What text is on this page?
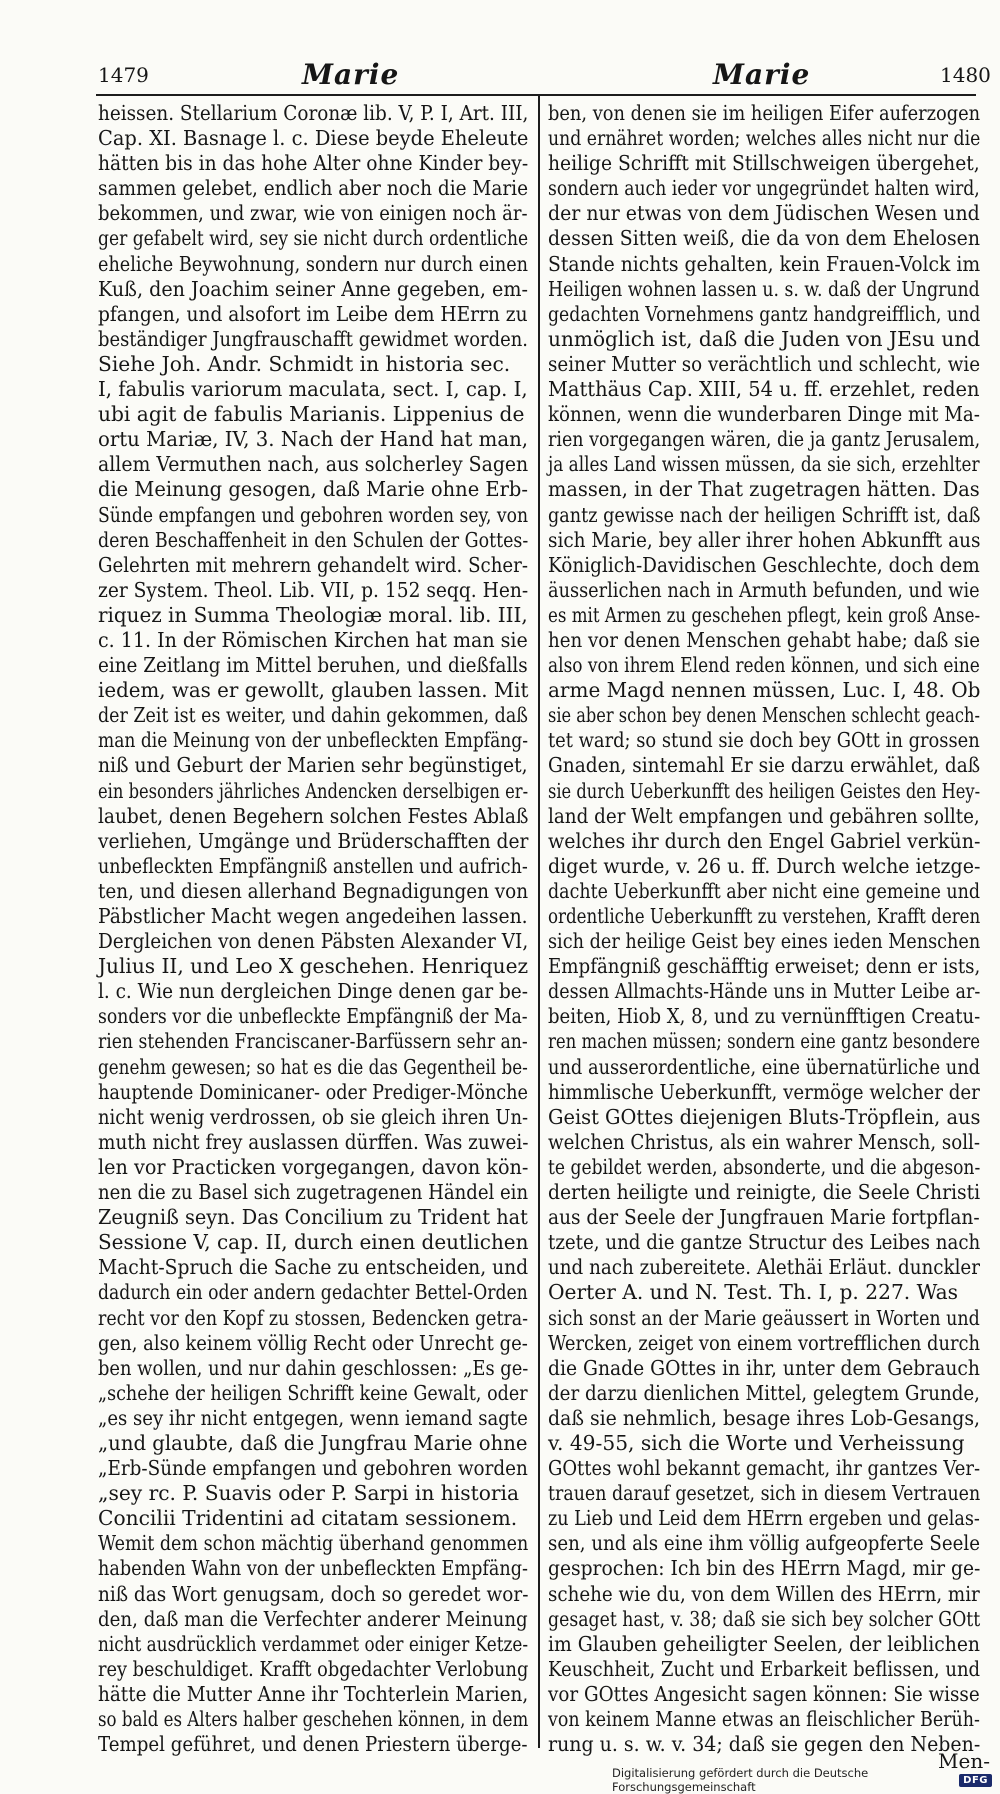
1479	Marie	Marie	1480
heissen. Stellarium Coronæ lib. V, P. I, Art. III,
Cap. XI. Basnage l. c. Diese beyde Eheleute
hätten bis in das hohe Alter ohne Kinder bey-
sammen gelebet, endlich aber noch die Marie
bekommen, und zwar, wie von einigen noch är-
ger gefabelt wird, sey sie nicht durch ordentliche
eheliche Beywohnung, sondern nur durch einen
Kuß, den Joachim seiner Anne gegeben, em-
pfangen, und alsofort im Leibe dem HErrn zu
beständiger Jungfrauschafft gewidmet worden.
Siehe Joh. Andr. Schmidt in historia sec.
I, fabulis variorum maculata, sect. I, cap. I,
ubi agit de fabulis Marianis. Lippenius de
ortu Mariæ, IV, 3. Nach der Hand hat man,
allem Vermuthen nach, aus solcherley Sagen
die Meinung gesogen, daß Marie ohne Erb-
Sünde empfangen und gebohren worden sey, von
deren Beschaffenheit in den Schulen der Gottes-
Gelehrten mit mehrern gehandelt wird. Scher-
zer System. Theol. Lib. VII, p. 152 seqq. Hen-
riquez in Summa Theologiæ moral. lib. III,
c. 11. In der Römischen Kirchen hat man sie
eine Zeitlang im Mittel beruhen, und dießfalls
iedem, was er gewollt, glauben lassen. Mit
der Zeit ist es weiter, und dahin gekommen, daß
man die Meinung von der unbefleckten Empfäng-
niß und Geburt der Marien sehr begünstiget,
ein besonders jährliches Andencken derselbigen er-
laubet, denen Begehern solchen Festes Ablaß
verliehen, Umgänge und Brüderschafften der
unbefleckten Empfängniß anstellen und aufrich-
ten, und diesen allerhand Begnadigungen von
Päbstlicher Macht wegen angedeihen lassen.
Dergleichen von denen Päbsten Alexander VI,
Julius II, und Leo X geschehen. Henriquez
l. c. Wie nun dergleichen Dinge denen gar be-
sonders vor die unbefleckte Empfängniß der Ma-
rien stehenden Franciscaner-Barfüssern sehr an-
genehm gewesen; so hat es die das Gegentheil be-
hauptende Dominicaner- oder Prediger-Mönche
nicht wenig verdrossen, ob sie gleich ihren Un-
muth nicht frey auslassen dürffen. Was zuwei-
len vor Practicken vorgegangen, davon kön-
nen die zu Basel sich zugetragenen Händel ein
Zeugniß seyn. Das Concilium zu Trident hat
Sessione V, cap. II, durch einen deutlichen
Macht-Spruch die Sache zu entscheiden, und
dadurch ein oder andern gedachter Bettel-Orden
recht vor den Kopf zu stossen, Bedencken getra-
gen, also keinem völlig Recht oder Unrecht ge-
ben wollen, und nur dahin geschlossen: „Es ge-
„schehe der heiligen Schrifft keine Gewalt, oder
„es sey ihr nicht entgegen, wenn iemand sagte
„und glaubte, daß die Jungfrau Marie ohne
„Erb-Sünde empfangen und gebohren worden
„sey rc. P. Suavis oder P. Sarpi in historia
Concilii Tridentini ad citatam sessionem.
Wemit dem schon mächtig überhand genommen
habenden Wahn von der unbefleckten Empfäng-
niß das Wort genugsam, doch so geredet wor-
den, daß man die Verfechter anderer Meinung
nicht ausdrücklich verdammet oder einiger Ketze-
rey beschuldiget. Krafft obgedachter Verlobung
hätte die Mutter Anne ihr Tochterlein Marien,
so bald es Alters halber geschehen können, in dem
Tempel geführet, und denen Priestern überge-
ben, von denen sie im heiligen Eifer auferzogen
und ernähret worden; welches alles nicht nur die
heilige Schrifft mit Stillschweigen übergehet,
sondern auch ieder vor ungegründet halten wird,
der nur etwas von dem Jüdischen Wesen und
dessen Sitten weiß, die da von dem Ehelosen
Stande nichts gehalten, kein Frauen-Volck im
Heiligen wohnen lassen u. s. w. daß der Ungrund
gedachten Vornehmens gantz handgreifflich, und
unmöglich ist, daß die Juden von JEsu und
seiner Mutter so verächtlich und schlecht, wie
Matthäus Cap. XIII, 54 u. ff. erzehlet, reden
können, wenn die wunderbaren Dinge mit Ma-
rien vorgegangen wären, die ja gantz Jerusalem,
ja alles Land wissen müssen, da sie sich, erzehlter
massen, in der That zugetragen hätten. Das
gantz gewisse nach der heiligen Schrifft ist, daß
sich Marie, bey aller ihrer hohen Abkunfft aus
Königlich-Davidischen Geschlechte, doch dem
äusserlichen nach in Armuth befunden, und wie
es mit Armen zu geschehen pflegt, kein groß Anse-
hen vor denen Menschen gehabt habe; daß sie
also von ihrem Elend reden können, und sich eine
arme Magd nennen müssen, Luc. I, 48. Ob
sie aber schon bey denen Menschen schlecht geach-
tet ward; so stund sie doch bey GOtt in grossen
Gnaden, sintemahl Er sie darzu erwählet, daß
sie durch Ueberkunfft des heiligen Geistes den Hey-
land der Welt empfangen und gebähren sollte,
welches ihr durch den Engel Gabriel verkün-
diget wurde, v. 26 u. ff. Durch welche ietzge-
dachte Ueberkunfft aber nicht eine gemeine und
ordentliche Ueberkunfft zu verstehen, Krafft deren
sich der heilige Geist bey eines ieden Menschen
Empfängniß geschäfftig erweiset; denn er ists,
dessen Allmachts-Hände uns in Mutter Leibe ar-
beiten, Hiob X, 8, und zu vernünfftigen Creatu-
ren machen müssen; sondern eine gantz besondere
und ausserordentliche, eine übernatürliche und
himmlische Ueberkunfft, vermöge welcher der
Geist GOttes diejenigen Bluts-Tröpflein, aus
welchen Christus, als ein wahrer Mensch, soll-
te gebildet werden, absonderte, und die abgeson-
derten heiligte und reinigte, die Seele Christi
aus der Seele der Jungfrauen Marie fortpflan-
tzete, und die gantze Structur des Leibes nach
und nach zubereitete. Alethäi Erläut. dunckler
Oerter A. und N. Test. Th. I, p. 227. Was
sich sonst an der Marie geäussert in Worten und
Wercken, zeiget von einem vortrefflichen durch
die Gnade GOttes in ihr, unter dem Gebrauch
der darzu dienlichen Mittel, gelegtem Grunde,
daß sie nehmlich, besage ihres Lob-Gesangs,
v. 49-55, sich die Worte und Verheissung
GOttes wohl bekannt gemacht, ihr gantzes Ver-
trauen darauf gesetzet, sich in diesem Vertrauen
zu Lieb und Leid dem HErrn ergeben und gelas-
sen, und als eine ihm völlig aufgeopferte Seele
gesprochen: Ich bin des HErrn Magd, mir ge-
schehe wie du, von dem Willen des HErrn, mir
gesaget hast, v. 38; daß sie sich bey solcher GOtt
im Glauben geheiligter Seelen, der leiblichen
Keuschheit, Zucht und Erbarkeit beflissen, und
vor GOttes Angesicht sagen können: Sie wisse
von keinem Manne etwas an fleischlicher Berüh-
rung u. s. w. v. 34; daß sie gegen den Neben-
Men-
Digitalisierung gefördert durch die Deutsche Forschungsgemeinschaft	DFG
